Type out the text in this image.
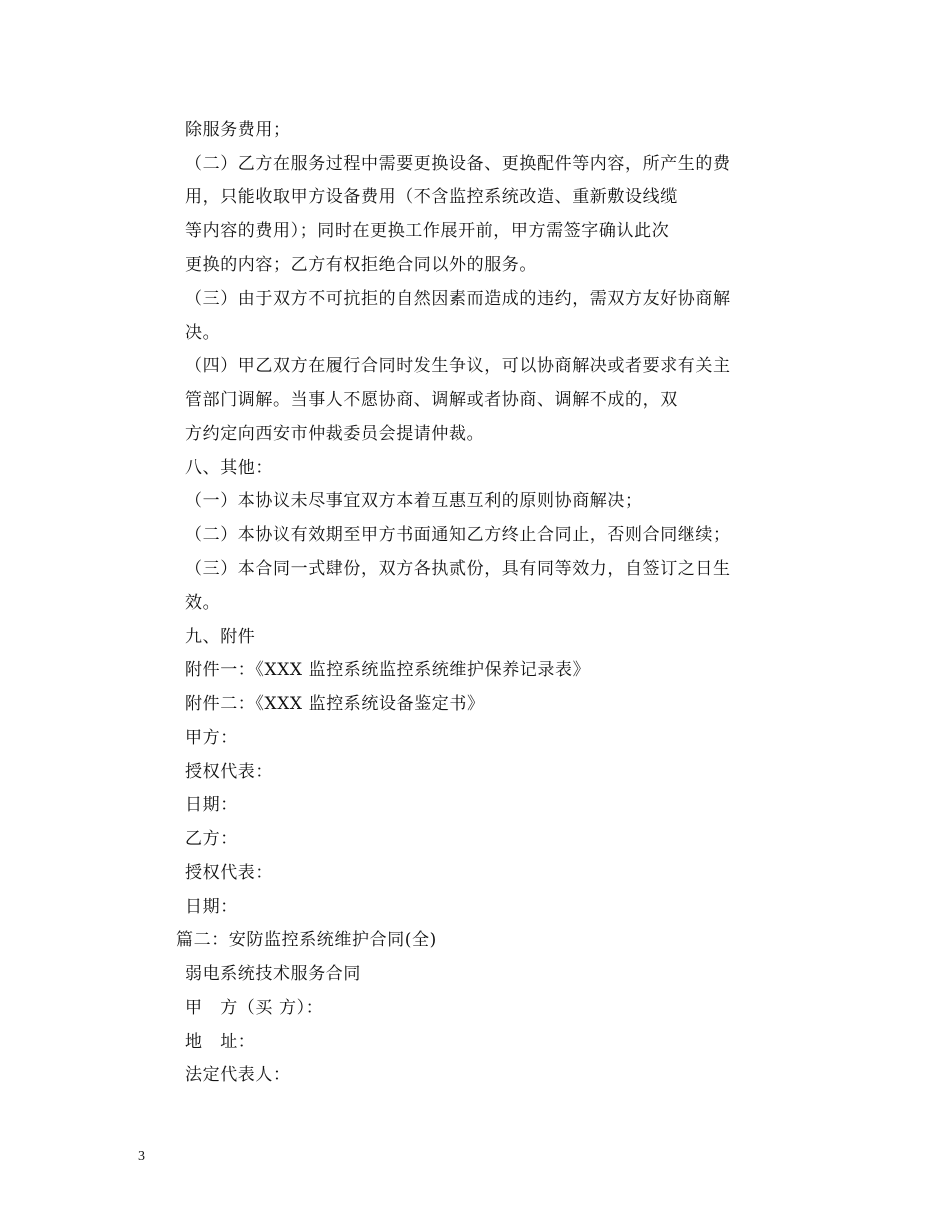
除服务费用；
（二）乙方在服务过程中需要更换设备、更换配件等内容，所产生的费
用，只能收取甲方设备费用（不含监控系统改造、重新敷设线缆
等内容的费用）；同时在更换工作展开前，甲方需签字确认此次
更换的内容；乙方有权拒绝合同以外的服务。
（三）由于双方不可抗拒的自然因素而造成的违约，需双方友好协商解
决。
（四）甲乙双方在履行合同时发生争议，可以协商解决或者要求有关主
管部门调解。当事人不愿协商、调解或者协商、调解不成的，双
方约定向西安市仲裁委员会提请仲裁。
八、其他：
（一）本协议未尽事宜双方本着互惠互利的原则协商解决；
（二）本协议有效期至甲方书面通知乙方终止合同止，否则合同继续；
（三）本合同一式肆份，双方各执贰份，具有同等效力，自签订之日生
效。
九、附件
附件一：《XXX 监控系统监控系统维护保养记录表》
附件二：《XXX 监控系统设备鉴定书》
甲方：
授权代表：
日期：
乙方：
授权代表：
日期：
篇二：安防监控系统维护合同(全)
弱电系统技术服务合同
甲　方（买 方）：
地　址：
法定代表人：
3
